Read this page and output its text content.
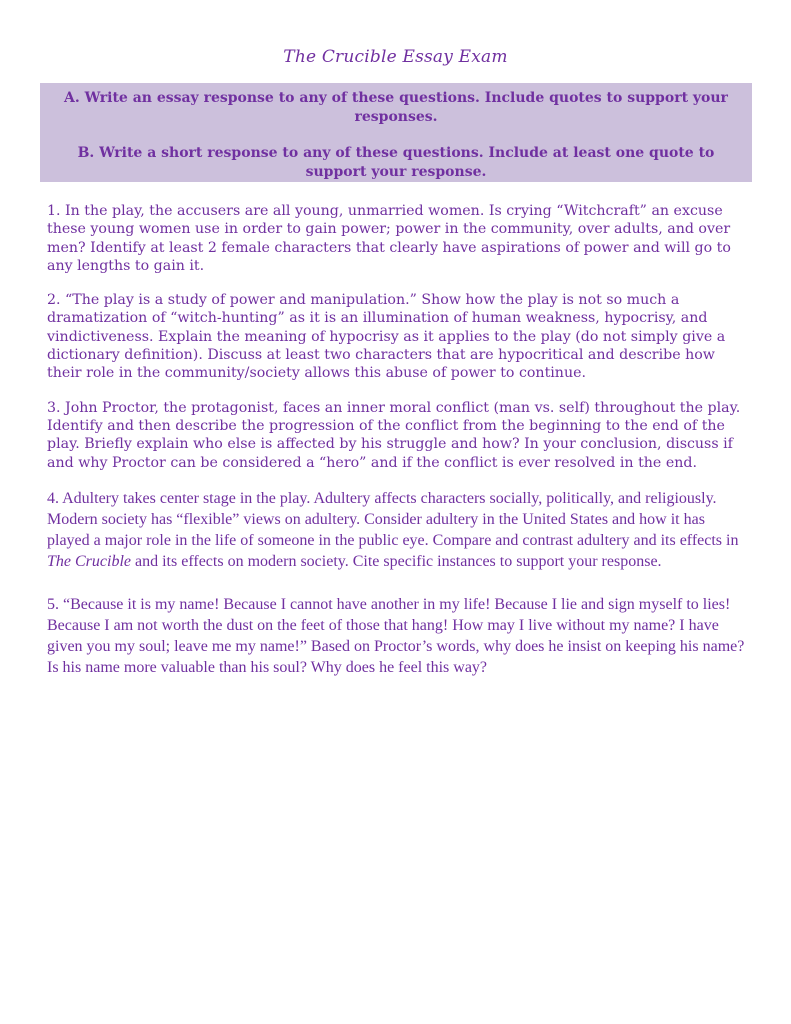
The Crucible Essay Exam

A. Write an essay response to any of these questions. Include quotes to support your responses.

B. Write a short response to any of these questions. Include at least one quote to support your response.

1. In the play, the accusers are all young, unmarried women. Is crying “Witchcraft” an excuse these young women use in order to gain power; power in the community, over adults, and over men? Identify at least 2 female characters that clearly have aspirations of power and will go to any lengths to gain it.

2. “The play is a study of power and manipulation.” Show how the play is not so much a dramatization of “witch-hunting” as it is an illumination of human weakness, hypocrisy, and vindictiveness. Explain the meaning of hypocrisy as it applies to the play (do not simply give a dictionary definition). Discuss at least two characters that are hypocritical and describe how their role in the community/society allows this abuse of power to continue.

3. John Proctor, the protagonist, faces an inner moral conflict (man vs. self) throughout the play. Identify and then describe the progression of the conflict from the beginning to the end of the play. Briefly explain who else is affected by his struggle and how? In your conclusion, discuss if and why Proctor can be considered a “hero” and if the conflict is ever resolved in the end.

4. Adultery takes center stage in the play. Adultery affects characters socially, politically, and religiously. Modern society has “flexible” views on adultery. Consider adultery in the United States and how it has played a major role in the life of someone in the public eye. Compare and contrast adultery and its effects in The Crucible and its effects on modern society. Cite specific instances to support your response.

5. “Because it is my name! Because I cannot have another in my life! Because I lie and sign myself to lies! Because I am not worth the dust on the feet of those that hang! How may I live without my name? I have given you my soul; leave me my name!” Based on Proctor’s words, why does he insist on keeping his name? Is his name more valuable than his soul? Why does he feel this way?
